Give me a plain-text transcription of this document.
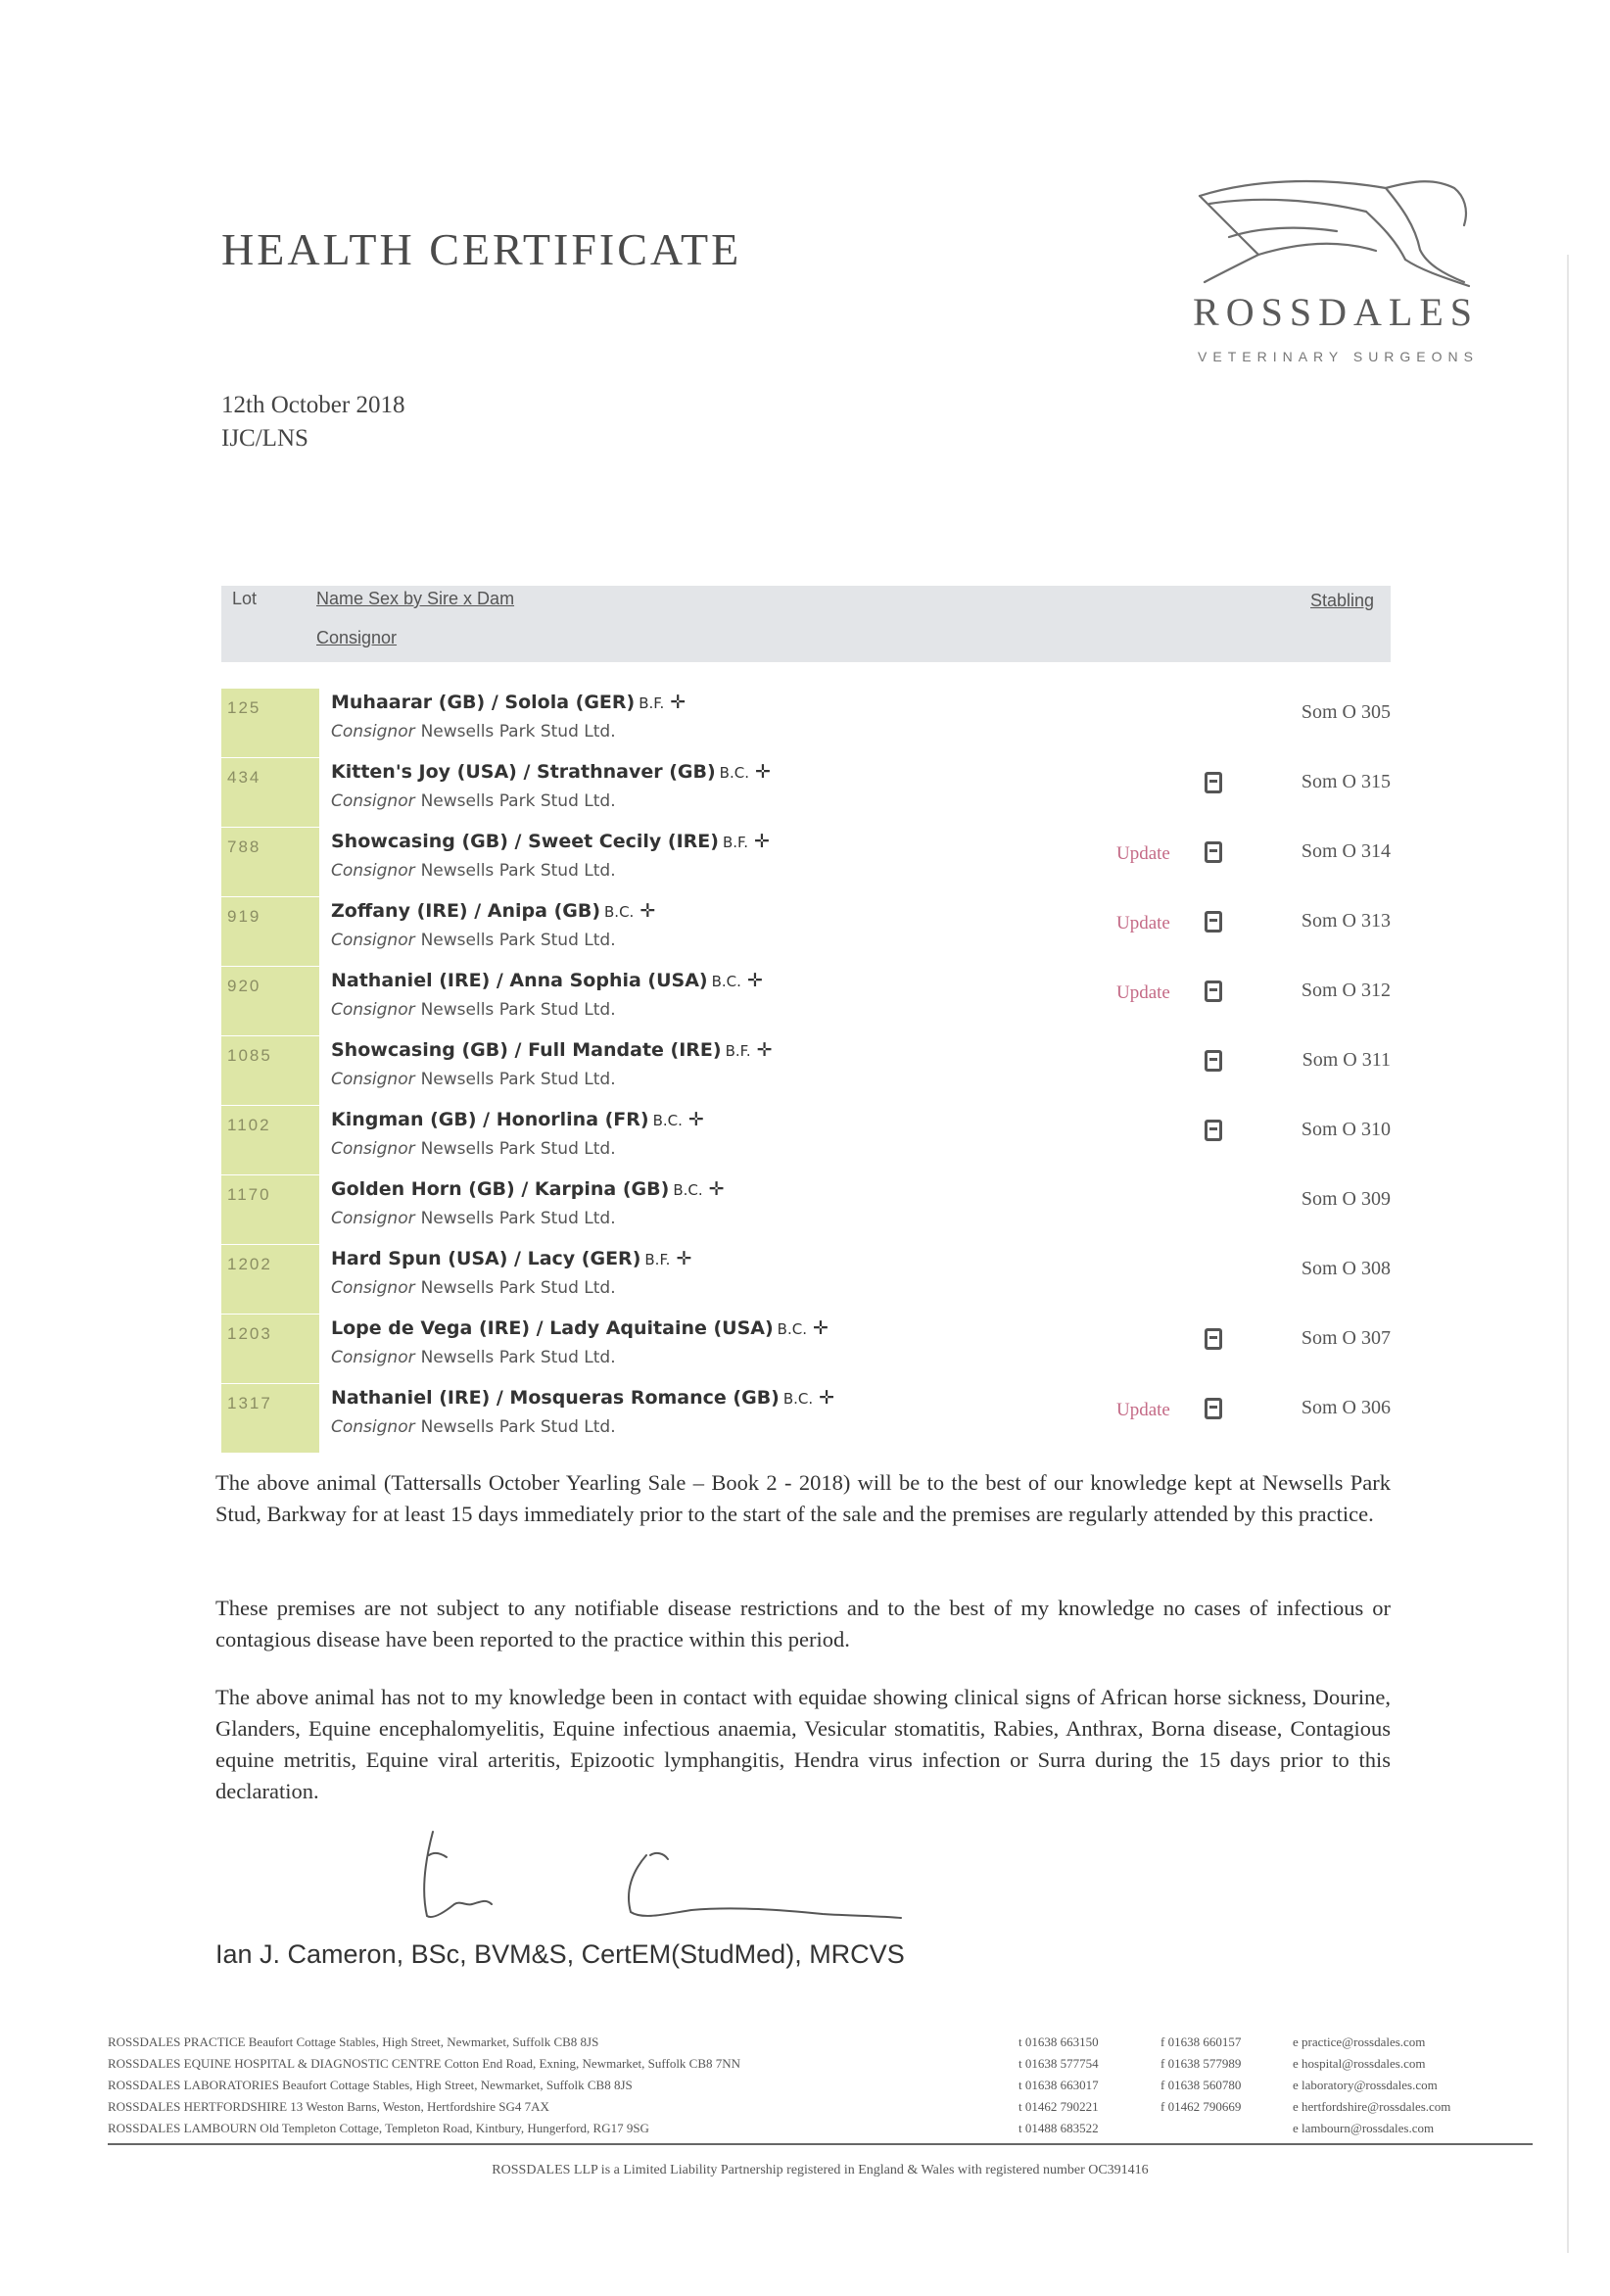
HEALTH CERTIFICATE
ROSSDALES
VETERINARY SURGEONS
12th October 2018
IJC/LNS
Lot	Name Sex by Sire x Dam
Consignor
Stabling
125	Muhaarar (GB) / Solola (GER) B.F. ✛
Consignor Newsells Park Stud Ltd.
Som O 305
434	Kitten's Joy (USA) / Strathnaver (GB) B.C. ✛
Consignor Newsells Park Stud Ltd.
Som O 315
788	Showcasing (GB) / Sweet Cecily (IRE) B.F. ✛
Consignor Newsells Park Stud Ltd.
Update	Som O 314
919	Zoffany (IRE) / Anipa (GB) B.C. ✛
Consignor Newsells Park Stud Ltd.
Update	Som O 313
920	Nathaniel (IRE) / Anna Sophia (USA) B.C. ✛
Consignor Newsells Park Stud Ltd.
Update	Som O 312
1085	Showcasing (GB) / Full Mandate (IRE) B.F. ✛
Consignor Newsells Park Stud Ltd.
Som O 311
1102	Kingman (GB) / Honorlina (FR) B.C. ✛
Consignor Newsells Park Stud Ltd.
Som O 310
1170	Golden Horn (GB) / Karpina (GB) B.C. ✛
Consignor Newsells Park Stud Ltd.
Som O 309
1202	Hard Spun (USA) / Lacy (GER) B.F. ✛
Consignor Newsells Park Stud Ltd.
Som O 308
1203	Lope de Vega (IRE) / Lady Aquitaine (USA) B.C. ✛
Consignor Newsells Park Stud Ltd.
Som O 307
1317	Nathaniel (IRE) / Mosqueras Romance (GB) B.C. ✛
Consignor Newsells Park Stud Ltd.
Update	Som O 306
The above animal (Tattersalls October Yearling Sale – Book 2 - 2018) will be to the best of our knowledge kept at Newsells Park Stud, Barkway for at least 15 days immediately prior to the start of the sale and the premises are regularly attended by this practice.
These premises are not subject to any notifiable disease restrictions and to the best of my knowledge no cases of infectious or contagious disease have been reported to the practice within this period.
The above animal has not to my knowledge been in contact with equidae showing clinical signs of African horse sickness, Dourine, Glanders, Equine encephalomyelitis, Equine infectious anaemia, Vesicular stomatitis, Rabies, Anthrax, Borna disease, Contagious equine metritis, Equine viral arteritis, Epizootic lymphangitis, Hendra virus infection or Surra during the 15 days prior to this declaration.
Ian J. Cameron, BSc, BVM&S, CertEM(StudMed), MRCVS
ROSSDALES PRACTICE Beaufort Cottage Stables, High Street, Newmarket, Suffolk CB8 8JS	t 01638 663150	f 01638 660157	e practice@rossdales.com
ROSSDALES EQUINE HOSPITAL & DIAGNOSTIC CENTRE Cotton End Road, Exning, Newmarket, Suffolk CB8 7NN	t 01638 577754	f 01638 577989	e hospital@rossdales.com
ROSSDALES LABORATORIES Beaufort Cottage Stables, High Street, Newmarket, Suffolk CB8 8JS	t 01638 663017	f 01638 560780	e laboratory@rossdales.com
ROSSDALES HERTFORDSHIRE 13 Weston Barns, Weston, Hertfordshire SG4 7AX	t 01462 790221	f 01462 790669	e hertfordshire@rossdales.com
ROSSDALES LAMBOURN Old Templeton Cottage, Templeton Road, Kintbury, Hungerford, RG17 9SG	t 01488 683522	e lambourn@rossdales.com
ROSSDALES LLP is a Limited Liability Partnership registered in England & Wales with registered number OC391416
